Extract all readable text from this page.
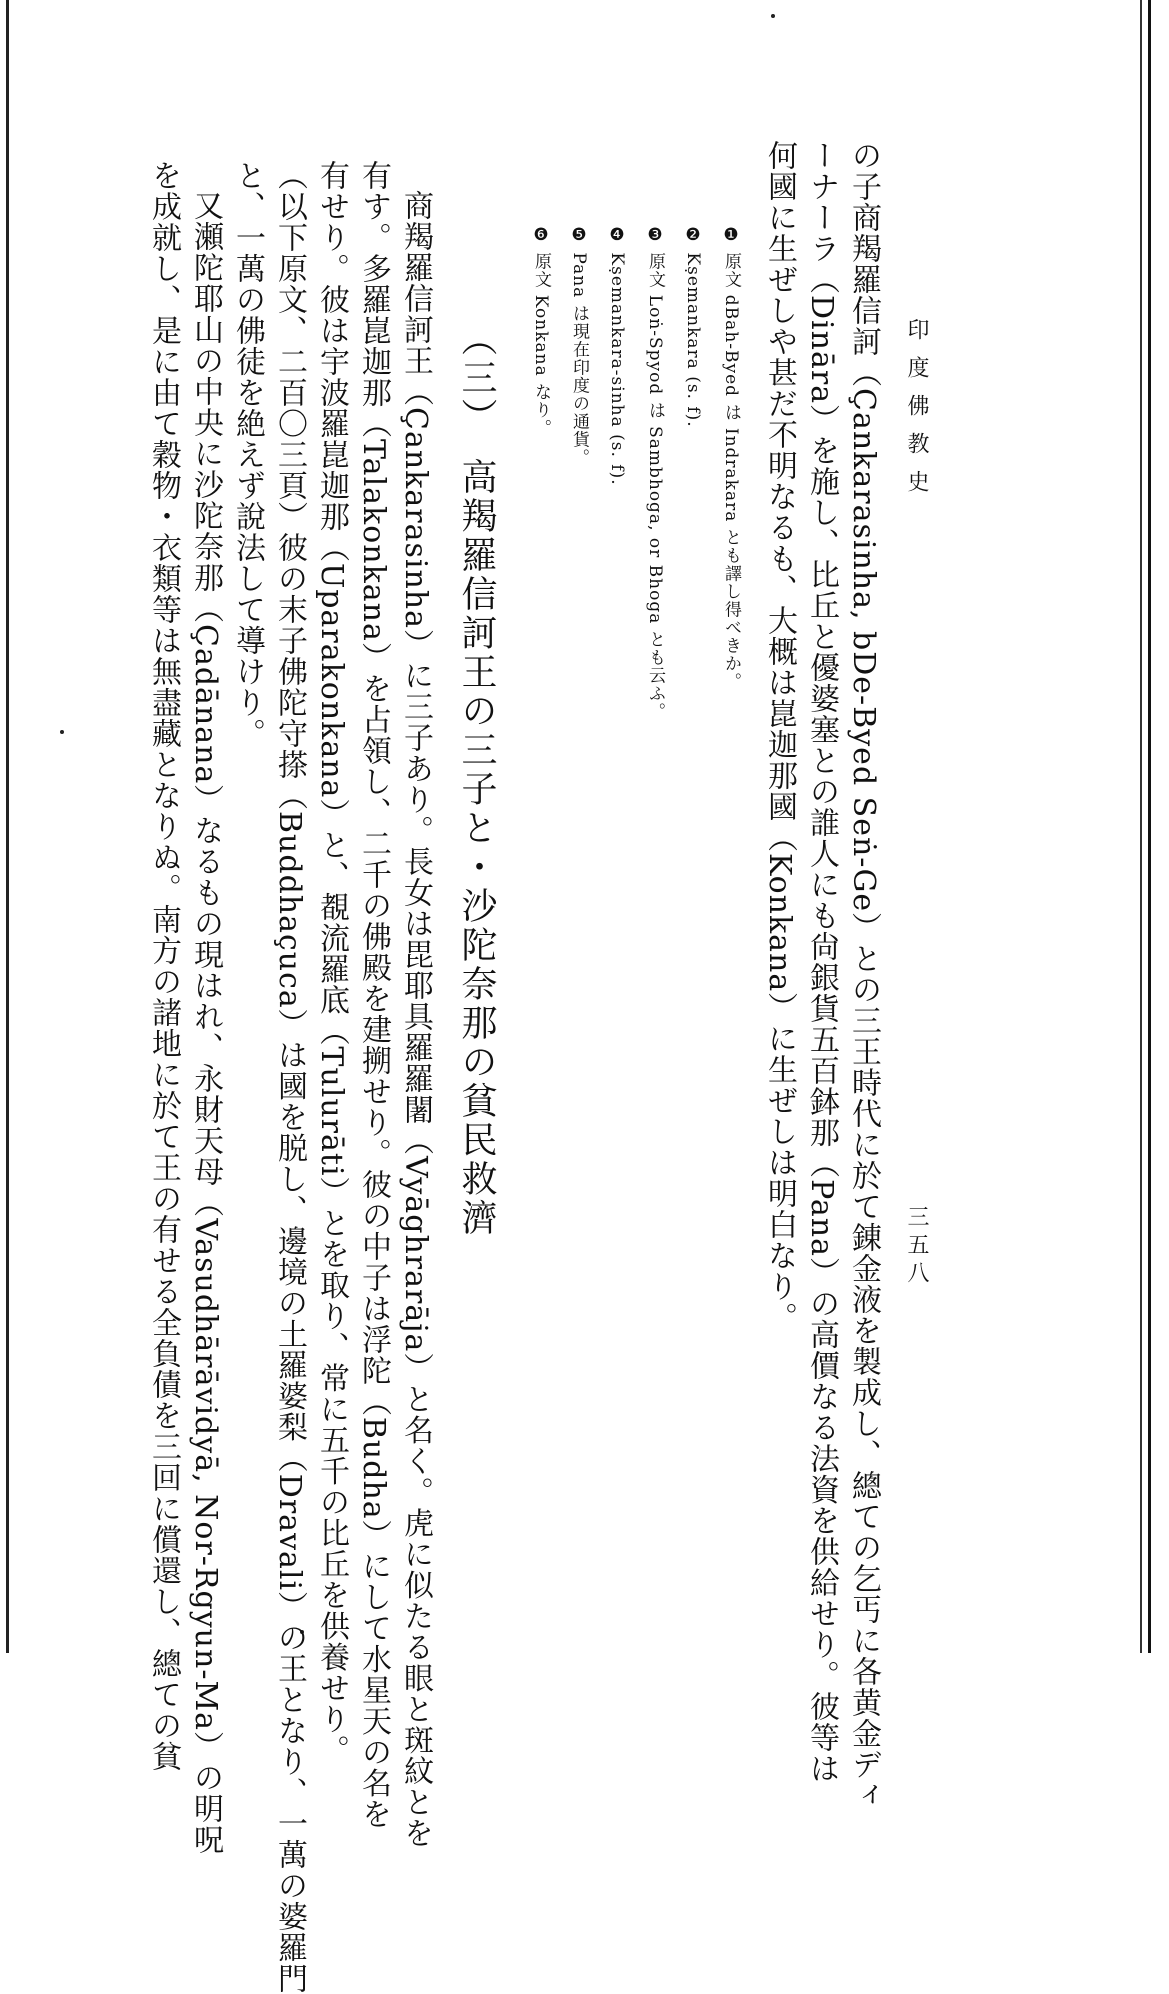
印度佛教史
三五八
の子商羯羅信訶（Çankarasinha, bDe-Byed Seṅ-Ge）との三王時代に於て錬金液を製成し、總ての乞丐に各黄金ディ
ーナーラ（Dināra）を施し、比丘と優婆塞との誰人にも尙銀貨五百鉢那（Pana）の高價なる法資を供給せり。彼等は
何國に生ぜしや甚だ不明なるも、大概は崑迦那國（Konkana）に生ぜしは明白なり。
❶ 原文 dBah-Byed は Indrakara とも譯し得べきか。
❷ Kṣemankara (s. f).
❸ 原文 Loṅ-Spyod は Sambhoga, or Bhoga とも云ふ。
❹ Kṣemankara-sinha (s. f).
❺ Pana は現在印度の通貨。
❻ 原文 Konkana なり。
（三）　高羯羅信訶王の三子と・沙陀奈那の貧民救濟
商羯羅信訶王（Çankarasinha）に三子あり。長女は毘耶具羅羅闍（Vyāghrarāja）と名く。虎に似たる眼と斑紋とを
有す。多羅崑迦那（Talakonkana）を占領し、二千の佛殿を建搠せり。彼の中子は浮陀（Budha）にして水星天の名を
有せり。彼は宇波羅崑迦那（Uparakonkana）と、覩流羅底（Tulurāti）とを取り、常に五千の比丘を供養せり。
（以下原文、二百〇三頁）彼の末子佛陀守搽（Buddhaçuca）は國を脱し、邊境の土羅婆梨（Dravali）の王となり、一萬の婆羅門
と、一萬の佛徒を絶えず說法して導けり。
又瀬陀耶山の中央に沙陀奈那（Çadānana）なるもの現はれ、永財天母（Vasudhārāvidyā, Nor-Rgyun-Ma）の明呪
を成就し、是に由て穀物・衣類等は無盡藏となりぬ。南方の諸地に於て王の有せる全負債を三回に償還し、總ての貧
